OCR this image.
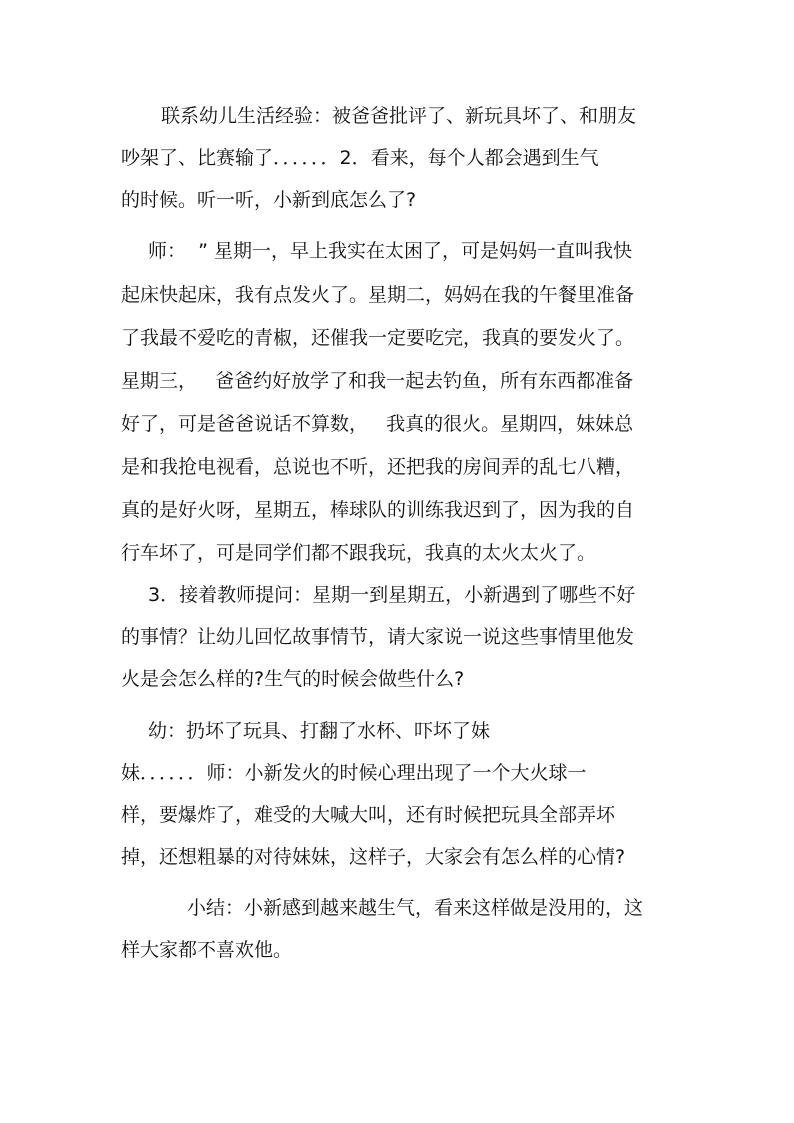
联系幼儿生活经验：被爸爸批评了、新玩具坏了、和朋友
吵架了、比赛输了．．．．．．2．看来，每个人都会遇到生气
的时候。听一听，小新到底怎么了?
师：  ” 星期一，早上我实在太困了，可是妈妈一直叫我快
起床快起床，我有点发火了。星期二，妈妈在我的午餐里准备
了我最不爱吃的青椒，还催我一定要吃完，我真的要发火了。
星期三，   爸爸约好放学了和我一起去钓鱼，所有东西都准备
好了，可是爸爸说话不算数，   我真的很火。星期四，妹妹总
是和我抢电视看，总说也不听，还把我的房间弄的乱七八糟，
真的是好火呀，星期五，棒球队的训练我迟到了，因为我的自
行车坏了，可是同学们都不跟我玩，我真的太火太火了。
3．接着教师提问：星期一到星期五，小新遇到了哪些不好
的事情？让幼儿回忆故事情节，请大家说一说这些事情里他发
火是会怎么样的?生气的时候会做些什么?
幼：扔坏了玩具、打翻了水杯、吓坏了妹
妹．．．．．．师：小新发火的时候心理出现了一个大火球一
样，要爆炸了，难受的大喊大叫，还有时候把玩具全部弄坏
掉，还想粗暴的对待妹妹，这样子，大家会有怎么样的心情?
小结：小新感到越来越生气，看来这样做是没用的，这
样大家都不喜欢他。
